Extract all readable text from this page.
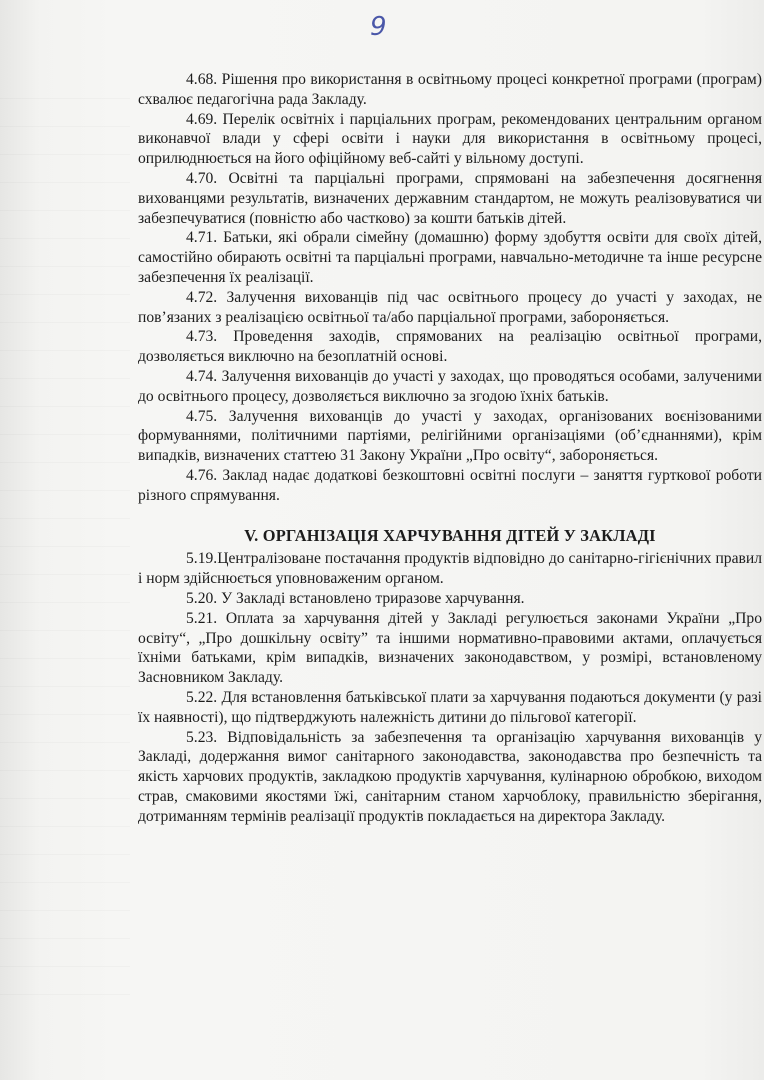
9

4.68. Рішення про використання в освітньому процесі конкретної програми (програм) схвалює педагогічна рада Закладу.

4.69. Перелік освітніх і парціальних програм, рекомендованих центральним органом виконавчої влади у сфері освіти і науки для використання в освітньому процесі, оприлюднюється на його офіційному веб-сайті у вільному доступі.

4.70. Освітні та парціальні програми, спрямовані на забезпечення досягнення вихованцями результатів, визначених державним стандартом, не можуть реалізовуватися чи забезпечуватися (повністю або частково) за кошти батьків дітей.

4.71. Батьки, які обрали сімейну (домашню) форму здобуття освіти для своїх дітей, самостійно обирають освітні та парціальні програми, навчально-методичне та інше ресурсне забезпечення їх реалізації.

4.72. Залучення вихованців під час освітнього процесу до участі у заходах, не пов’язаних з реалізацією освітньої та/або парціальної програми, забороняється.

4.73. Проведення заходів, спрямованих на реалізацію освітньої програми, дозволяється виключно на безоплатній основі.

4.74. Залучення вихованців до участі у заходах, що проводяться особами, залученими до освітнього процесу, дозволяється виключно за згодою їхніх батьків.

4.75. Залучення вихованців до участі у заходах, організованих воєнізованими формуваннями, політичними партіями, релігійними організаціями (об’єднаннями), крім випадків, визначених статтею 31 Закону України „Про освіту“, забороняється.

4.76. Заклад надає додаткові безкоштовні освітні послуги – заняття гурткової роботи різного спрямування.

V. ОРГАНІЗАЦІЯ ХАРЧУВАННЯ ДІТЕЙ У ЗАКЛАДІ

5.19.Централізоване постачання продуктів відповідно до санітарно-гігієнічних правил і норм здійснюється уповноваженим органом.

5.20. У Закладі встановлено триразове харчування.

5.21. Оплата за харчування дітей у Закладі регулюється законами України „Про освіту“, „Про дошкільну освіту” та іншими нормативно-правовими актами, оплачується їхніми батьками, крім випадків, визначених законодавством, у розмірі, встановленому Засновником Закладу.

5.22. Для встановлення батьківської плати за харчування подаються документи (у разі їх наявності), що підтверджують належність дитини до пільгової категорії.

5.23. Відповідальність за забезпечення та організацію харчування вихованців у Закладі, додержання вимог санітарного законодавства, законодавства про безпечність та якість харчових продуктів, закладкою продуктів харчування, кулінарною обробкою, виходом страв, смаковими якостями їжі, санітарним станом харчоблоку, правильністю зберігання, дотриманням термінів реалізації продуктів покладається на директора Закладу.
